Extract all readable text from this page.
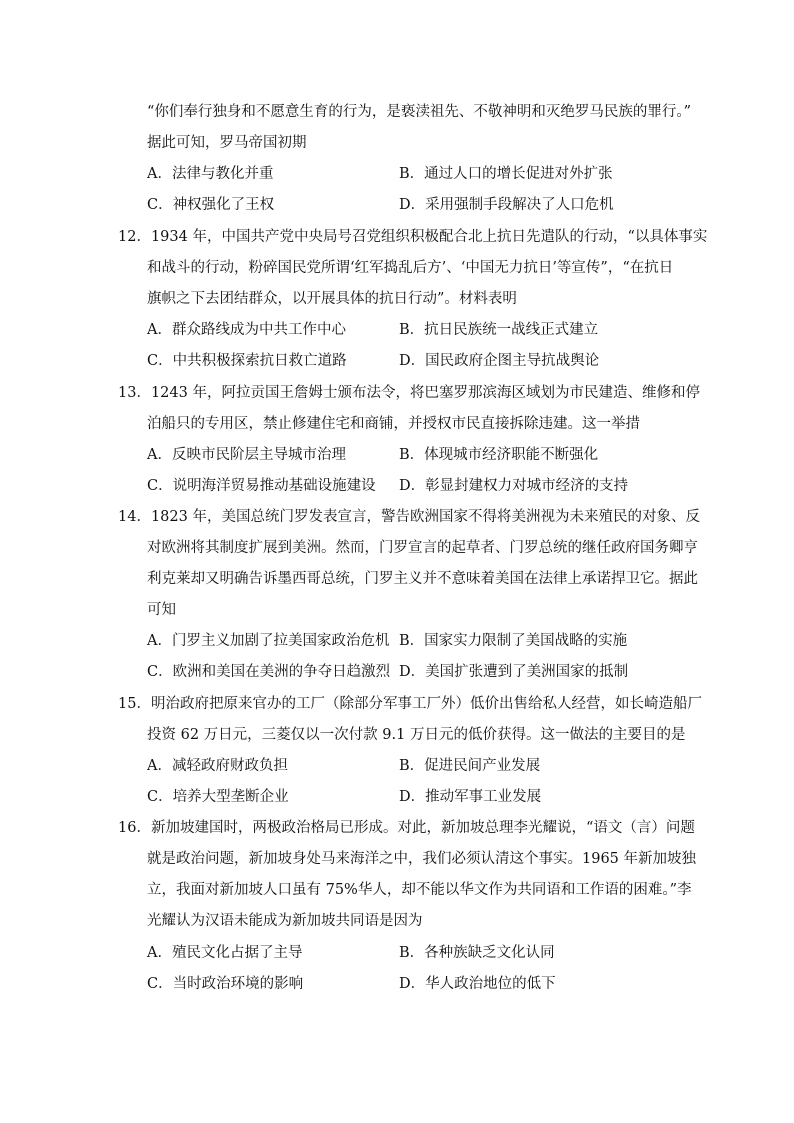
“你们奉行独身和不愿意生育的行为，是亵渎祖先、不敬神明和灭绝罗马民族的罪行。”
据此可知，罗马帝国初期
A．法律与教化并重	B．通过人口的增长促进对外扩张
C．神权强化了王权	D．采用强制手段解决了人口危机
12．1934 年，中国共产党中央局号召党组织积极配合北上抗日先遣队的行动，“以具体事实
和战斗的行动，粉碎国民党所谓‘红军捣乱后方’、‘中国无力抗日’等宣传”，“在抗日
旗帜之下去团结群众，以开展具体的抗日行动”。材料表明
A．群众路线成为中共工作中心	B．抗日民族统一战线正式建立
C．中共积极探索抗日救亡道路	D．国民政府企图主导抗战舆论
13．1243 年，阿拉贡国王詹姆士颁布法令，将巴塞罗那滨海区域划为市民建造、维修和停
泊船只的专用区，禁止修建住宅和商铺，并授权市民直接拆除违建。这一举措
A．反映市民阶层主导城市治理	B．体现城市经济职能不断强化
C．说明海洋贸易推动基础设施建设 D．彰显封建权力对城市经济的支持
14．1823 年，美国总统门罗发表宣言，警告欧洲国家不得将美洲视为未来殖民的对象、反
对欧洲将其制度扩展到美洲。然而，门罗宣言的起草者、门罗总统的继任政府国务卿亨
利克莱却又明确告诉墨西哥总统，门罗主义并不意味着美国在法律上承诺捍卫它。据此
可知
A．门罗主义加剧了拉美国家政治危机 B．国家实力限制了美国战略的实施
C．欧洲和美国在美洲的争夺日趋激烈 D．美国扩张遭到了美洲国家的抵制
15．明治政府把原来官办的工厂（除部分军事工厂外）低价出售给私人经营，如长崎造船厂
投资 62 万日元，三菱仅以一次付款 9.1 万日元的低价获得。这一做法的主要目的是
A．减轻政府财政负担	B．促进民间产业发展
C．培养大型垄断企业	D．推动军事工业发展
16．新加坡建国时，两极政治格局已形成。对此，新加坡总理李光耀说，“语文（言）问题
就是政治问题，新加坡身处马来海洋之中，我们必须认清这个事实。1965 年新加坡独
立，我面对新加坡人口虽有 75%华人，却不能以华文作为共同语和工作语的困难。”李
光耀认为汉语未能成为新加坡共同语是因为
A．殖民文化占据了主导	B．各种族缺乏文化认同
C．当时政治环境的影响	D．华人政治地位的低下
